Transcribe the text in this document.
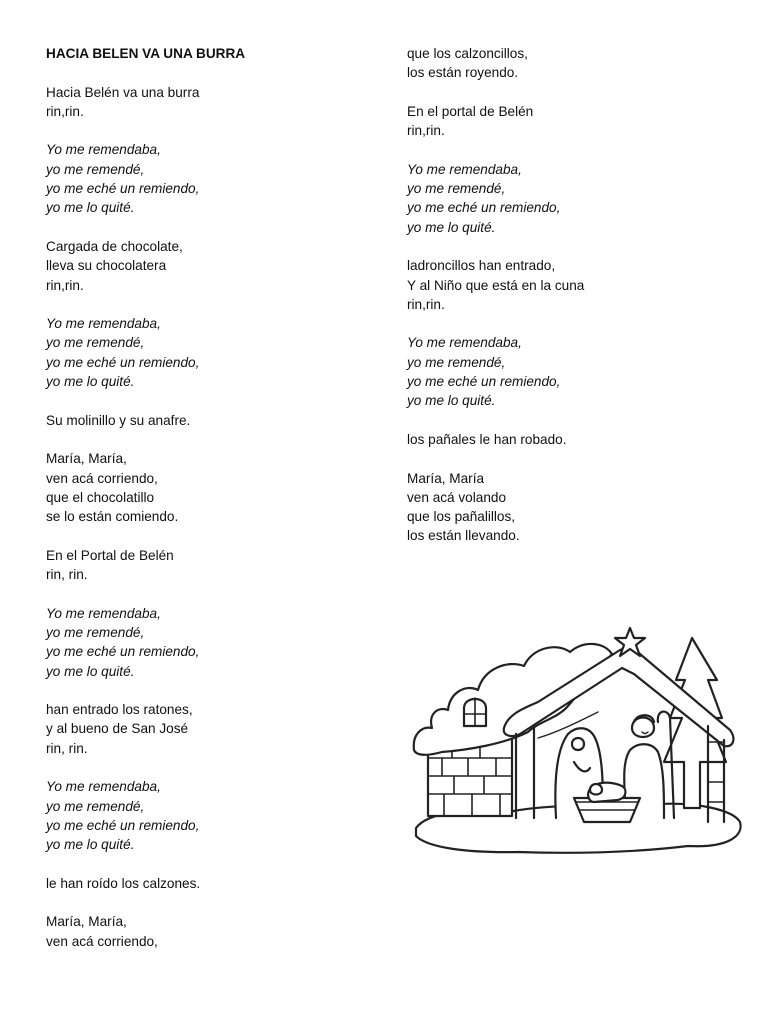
HACIA BELEN VA UNA BURRA
Hacia Belén va una burra
rin,rin.
Yo me remendaba,
yo me remendé,
yo me eché un remiendo,
yo me lo quité.
Cargada de chocolate,
lleva su chocolatera
rin,rin.
Yo me remendaba,
yo me remendé,
yo me eché un remiendo,
yo me lo quité.
Su molinillo y su anafre.
María, María,
ven acá corriendo,
que el chocolatillo
se lo están comiendo.
En el Portal de Belén
rin, rin.
Yo me remendaba,
yo me remendé,
yo me eché un remiendo,
yo me lo quité.
han entrado los ratones,
y al bueno de San José
rin, rin.
Yo me remendaba,
yo me remendé,
yo me eché un remiendo,
yo me lo quité.
le han roído los calzones.
María, María,
ven acá corriendo,
que los calzoncillos,
los están royendo.
En el portal de Belén
rin,rin.
Yo me remendaba,
yo me remendé,
yo me eché un remiendo,
yo me lo quité.
ladroncillos han entrado,
Y al Niño que está en la cuna
rin,rin.
Yo me remendaba,
yo me remendé,
yo me eché un remiendo,
yo me lo quité.
los pañales le han robado.
María, María
ven acá volando
que los pañalillos,
los están llevando.
